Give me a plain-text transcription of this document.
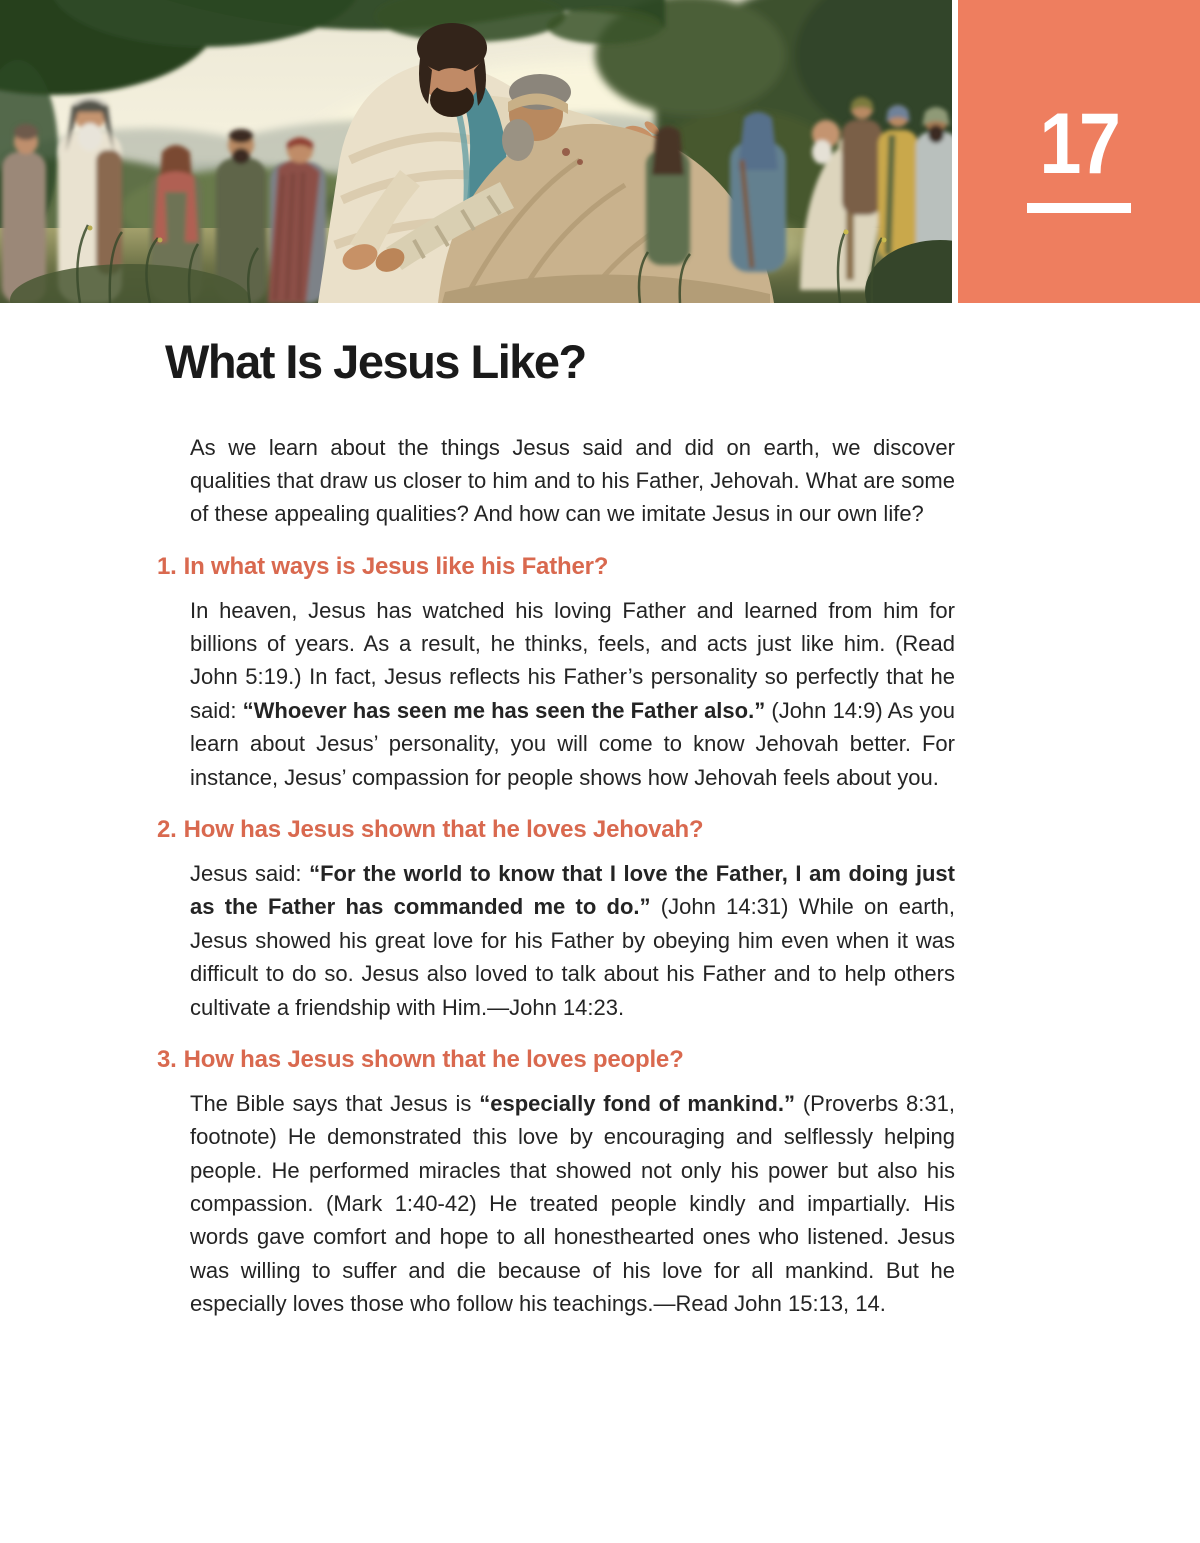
17
What Is Jesus Like?

As we learn about the things Jesus said and did on earth, we discover qualities that draw us closer to him and to his Father, Jehovah. What are some of these appealing qualities? And how can we imitate Jesus in our own life?

1. In what ways is Jesus like his Father?

In heaven, Jesus has watched his loving Father and learned from him for billions of years. As a result, he thinks, feels, and acts just like him. (Read John 5:19.) In fact, Jesus reflects his Father’s personality so perfectly that he said: “Whoever has seen me has seen the Father also.” (John 14:9) As you learn about Jesus’ personality, you will come to know Jehovah better. For instance, Jesus’ compassion for people shows how Jehovah feels about you.

2. How has Jesus shown that he loves Jehovah?

Jesus said: “For the world to know that I love the Father, I am doing just as the Father has commanded me to do.” (John 14:31) While on earth, Jesus showed his great love for his Father by obeying him even when it was difficult to do so. Jesus also loved to talk about his Father and to help others cultivate a friendship with Him.—John 14:23.

3. How has Jesus shown that he loves people?

The Bible says that Jesus is “especially fond of mankind.” (Proverbs 8:31, footnote) He demonstrated this love by encouraging and selflessly helping people. He performed miracles that showed not only his power but also his compassion. (Mark 1:40-42) He treated people kindly and impartially. His words gave comfort and hope to all honesthearted ones who listened. Jesus was willing to suffer and die because of his love for all mankind. But he especially loves those who follow his teachings.—Read John 15:13, 14.
